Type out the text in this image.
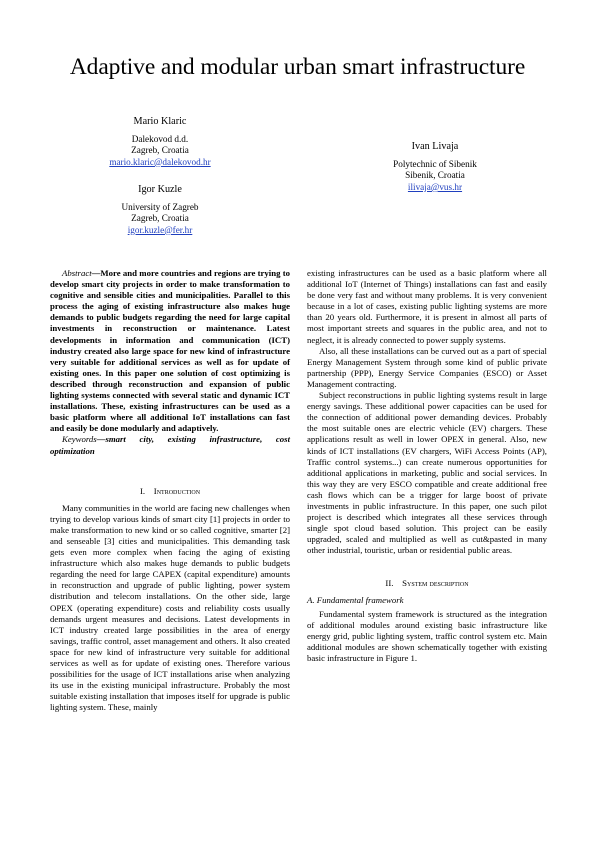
Adaptive and modular urban smart infrastructure
Mario Klaric
Dalekovod d.d.
Zagreb, Croatia
mario.klaric@dalekovod.hr
Igor Kuzle
University of Zagreb
Zagreb, Croatia
igor.kuzle@fer.hr
Ivan Livaja
Polytechnic of Sibenik
Sibenik, Croatia
ilivaja@vus.hr

Abstract—More and more countries and regions are trying to develop smart city projects in order to make transformation to cognitive and sensible cities and municipalities. Parallel to this process the aging of existing infrastructure also makes huge demands to public budgets regarding the need for large capital investments in reconstruction or maintenance. Latest developments in information and communication (ICT) industry created also large space for new kind of infrastructure very suitable for additional services as well as for update of existing ones. In this paper one solution of cost optimizing is described through reconstruction and expansion of public lighting systems connected with several static and dynamic ICT installations. These, existing infrastructures can be used as a basic platform where all additional IoT installations can fast and easily be done modularly and adaptively.

Keywords—smart city, existing infrastructure, cost optimization

I. Introduction

Many communities in the world are facing new challenges when trying to develop various kinds of smart city [1] projects in order to make transformation to new kind or so called cognitive, smarter [2] and senseable [3] cities and municipalities. This demanding task gets even more complex when facing the aging of existing infrastructure which also makes huge demands to public budgets regarding the need for large CAPEX (capital expenditure) amounts in reconstruction and upgrade of public lighting, power system distribution and telecom installations. On the other side, large OPEX (operating expenditure) costs and reliability costs usually demands urgent measures and decisions. Latest developments in ICT industry created large possibilities in the area of energy savings, traffic control, asset management and others. It also created space for new kind of infrastructure very suitable for additional services as well as for update of existing ones. Therefore various possibilities for the usage of ICT installations arise when analyzing its use in the existing municipal infrastructure. Probably the most suitable existing installation that imposes itself for upgrade is public lighting system. These, mainly

existing infrastructures can be used as a basic platform where all additional IoT (Internet of Things) installations can fast and easily be done very fast and without many problems. It is very convenient because in a lot of cases, existing public lighting systems are more than 20 years old. Furthermore, it is present in almost all parts of most important streets and squares in the public area, and not to neglect, it is already connected to power supply systems.

Also, all these installations can be curved out as a part of special Energy Management System through some kind of public private partnership (PPP), Energy Service Companies (ESCO) or Asset Management contracting.

Subject reconstructions in public lighting systems result in large energy savings. These additional power capacities can be used for the connection of additional power demanding devices. Probably the most suitable ones are electric vehicle (EV) chargers. These applications result as well in lower OPEX in general. Also, new kinds of ICT installations (EV chargers, WiFi Access Points (AP), Traffic control systems...) can create numerous opportunities for additional applications in marketing, public and social services. In this way they are very ESCO compatible and create additional free cash flows which can be a trigger for large boost of private investments in public infrastructure. In this paper, one such pilot project is described which integrates all these services through single spot cloud based solution. This project can be easily upgraded, scaled and multiplied as well as cut&pasted in many other industrial, touristic, urban or residential public areas.

II. System description

A. Fundamental framework

Fundamental system framework is structured as the integration of additional modules around existing basic infrastructure like energy grid, public lighting system, traffic control system etc. Main additional modules are shown schematically together with existing basic infrastructure in Figure 1.
